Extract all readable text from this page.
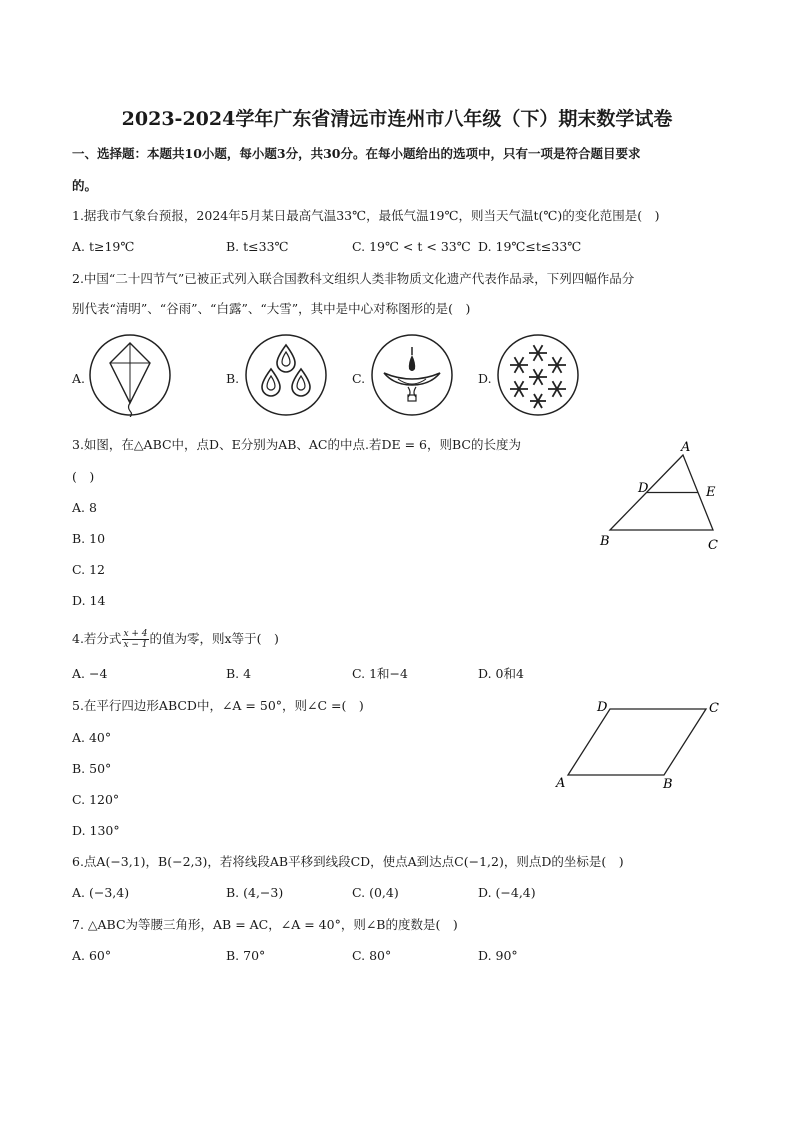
2023-2024学年广东省清远市连州市八年级（下）期末数学试卷
一、选择题：本题共10小题，每小题3分，共30分。在每小题给出的选项中，只有一项是符合题目要求
的。
1.据我市气象台预报，2024年5月某日最高气温33℃，最低气温19℃，则当天气温t(℃)的变化范围是(　)
A. t≥19℃	B. t≤33℃	C. 19℃ < t < 33℃ D. 19℃≤t≤33℃
2.中国“二十四节气”已被正式列入联合国教科文组织人类非物质文化遗产代表作品录，下列四幅作品分
别代表“清明”、“谷雨”、“白露”、“大雪”，其中是中心对称图形的是(　)
A.	B.	C.	D.
3.如图，在△ABC中，点D、E分别为AB、AC的中点.若DE = 6，则BC的长度为
(　)
A. 8
B. 10
C. 12
D. 14
A
D	E
B	C
4.若分式 $\frac{x + 4}{x - 1}$ 的值为零，则x等于(　)
A. −4	B. 4	C. 1和−4	D. 0和4
5.在平行四边形ABCD中，∠A = 50°，则∠C =(　)
A. 40°
B. 50°
C. 120°
D. 130°
D	C
A	B
6.点A(−3,1)，B(−2,3)，若将线段AB平移到线段CD，使点A到达点C(−1,2)，则点D的坐标是(　)
A. (−3,4)	B. (4,−3)	C. (0,4)	D. (−4,4)
7. △ABC为等腰三角形，AB = AC，∠A = 40°，则∠B的度数是(　)
A. 60°	B. 70°	C. 80°	D. 90°
